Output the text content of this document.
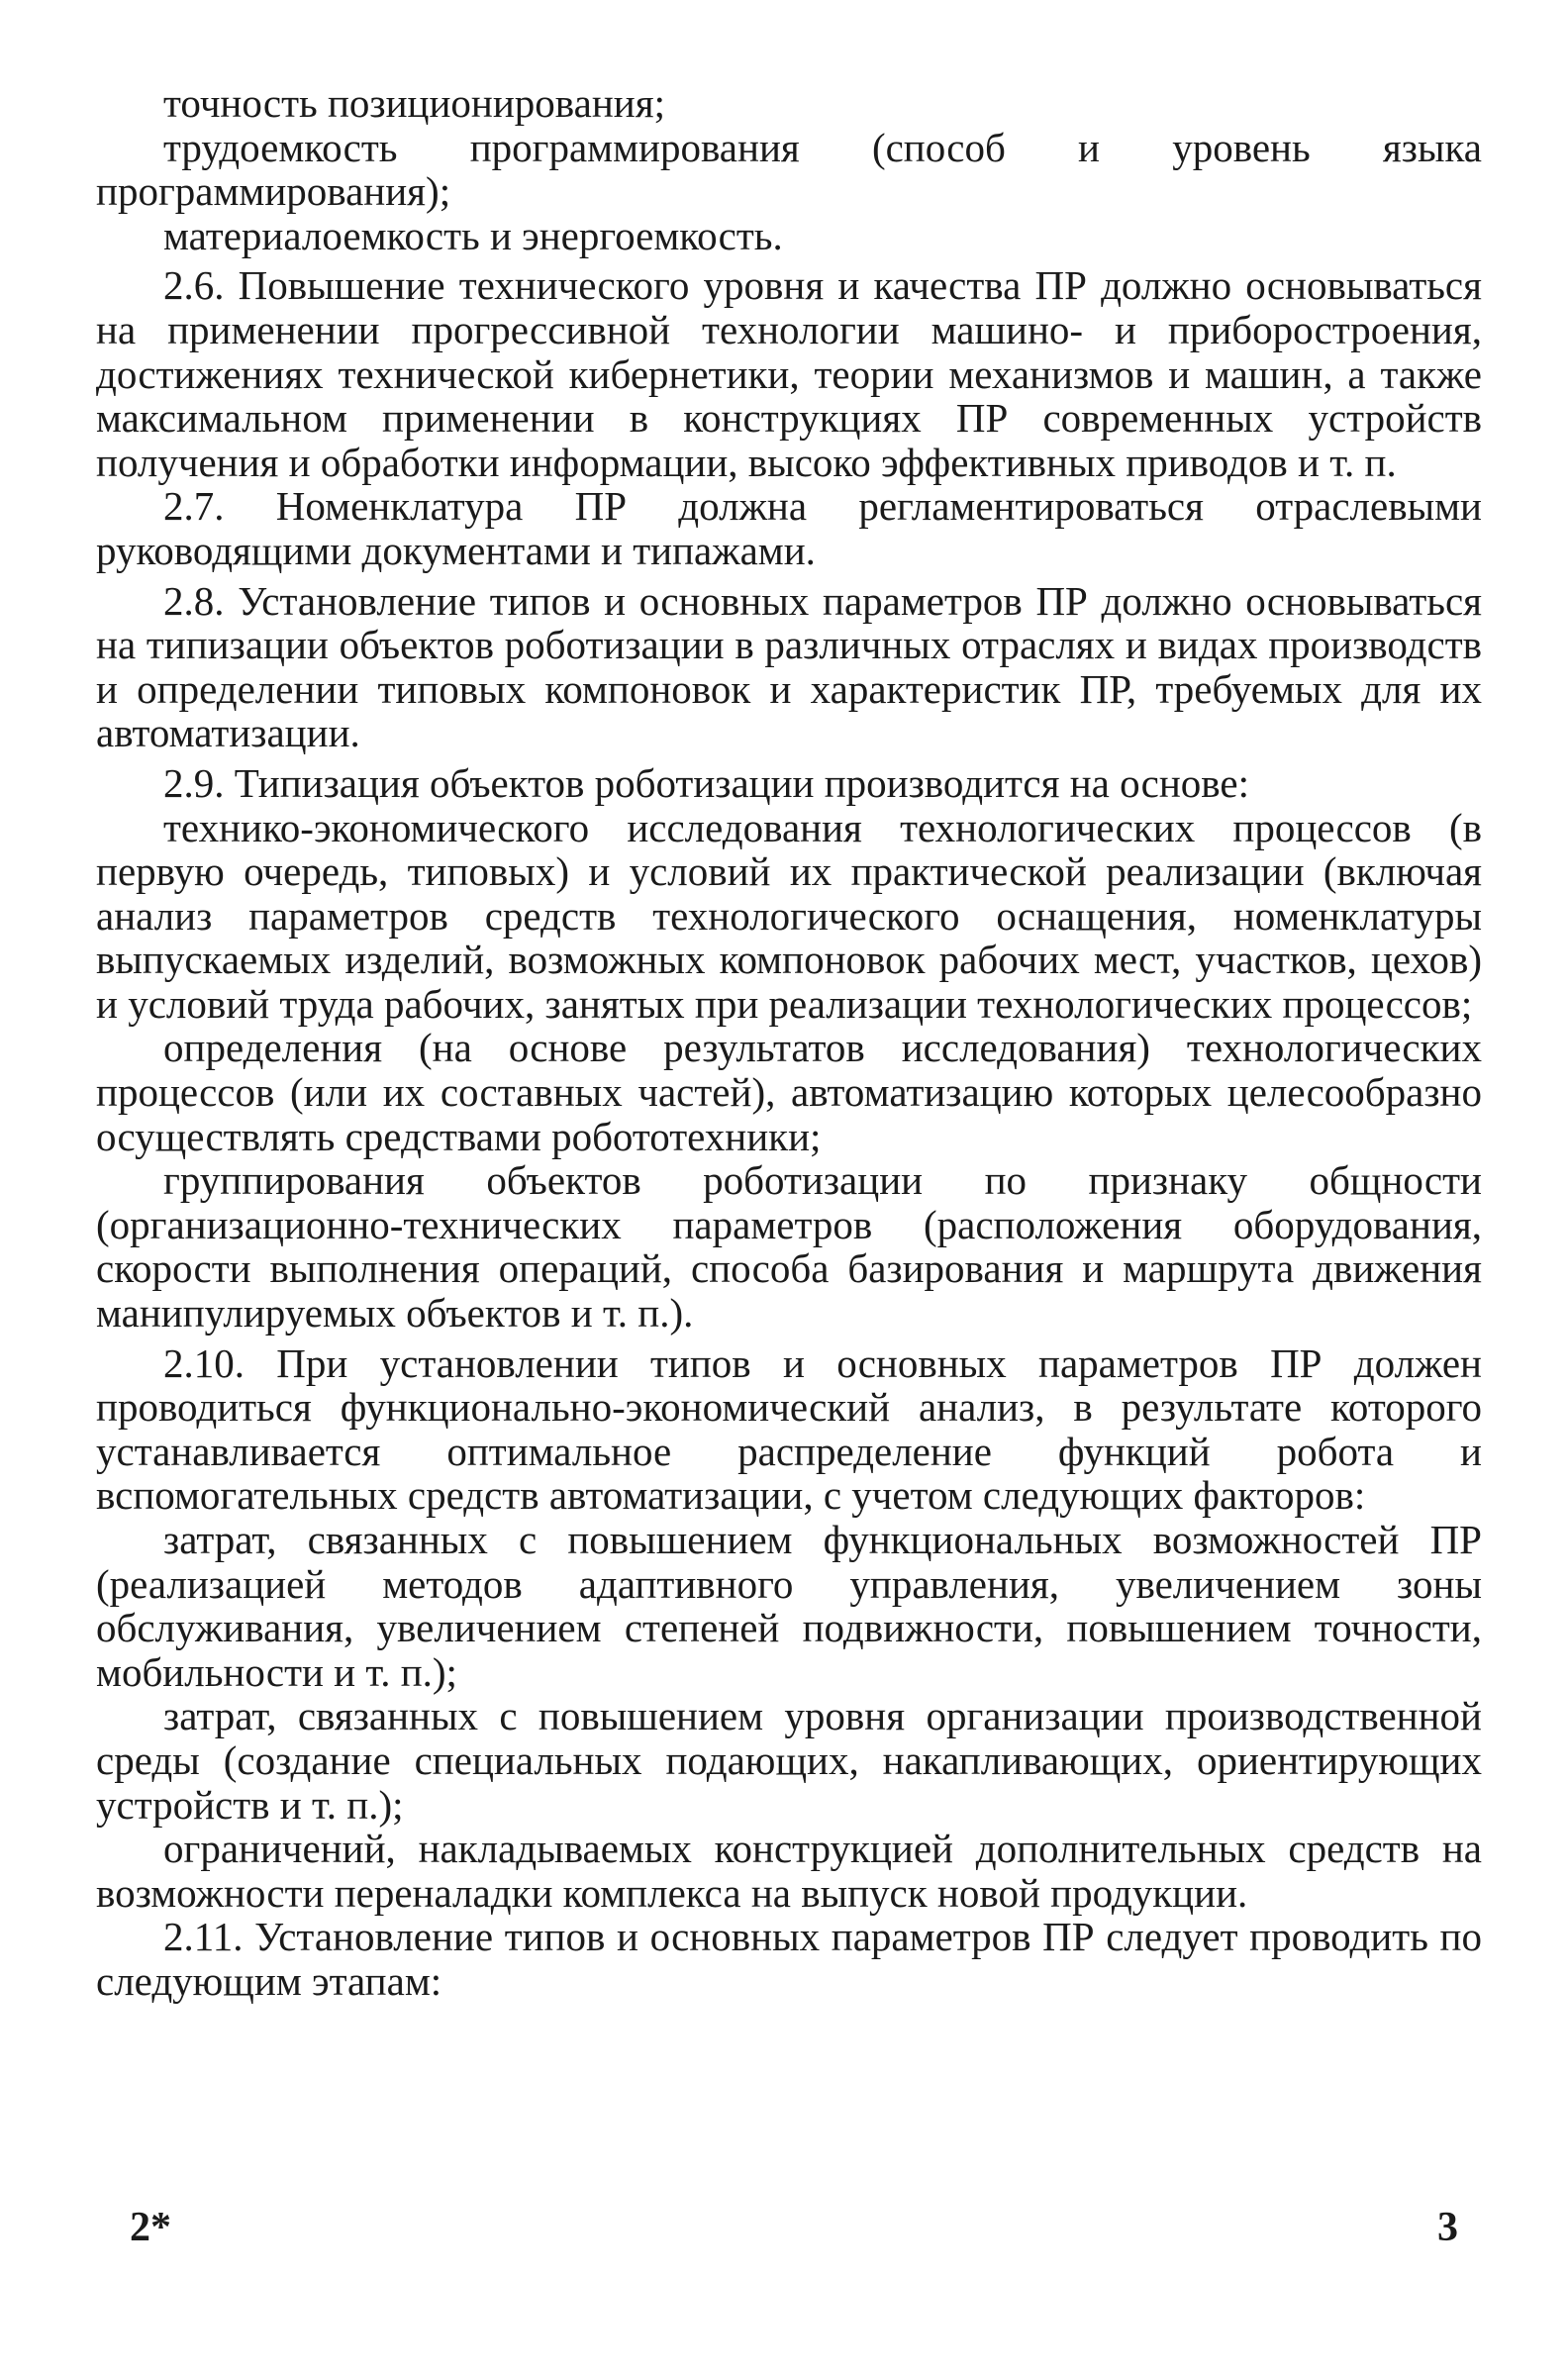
точность позиционирования;

трудоемкость программирования (способ и уровень языка программирования);

материалоемкость и энергоемкость.

2.6. Повышение технического уровня и качества ПР должно основываться на применении прогрессивной технологии машино- и приборостроения, достижениях технической кибернетики, теории механизмов и машин, а также максимальном применении в конструкциях ПР современных устройств получения и обработки информации, высоко эффективных приводов и т. п.

2.7. Номенклатура ПР должна регламентироваться отраслевыми руководящими документами и типажами.

2.8. Установление типов и основных параметров ПР должно основываться на типизации объектов роботизации в различных отраслях и видах производств и определении типовых компоновок и характеристик ПР, требуемых для их автоматизации.

2.9. Типизация объектов роботизации производится на основе:

технико-экономического исследования технологических процессов (в первую очередь, типовых) и условий их практической реализации (включая анализ параметров средств технологического оснащения, номенклатуры выпускаемых изделий, возможных компоновок рабочих мест, участков, цехов) и условий труда рабочих, занятых при реализации технологических процессов;

определения (на основе результатов исследования) технологических процессов (или их составных частей), автоматизацию которых целесообразно осуществлять средствами робототехники;

группирования объектов роботизации по признаку общности (организационно-технических параметров (расположения оборудования, скорости выполнения операций, способа базирования и маршрута движения манипулируемых объектов и т. п.).

2.10. При установлении типов и основных параметров ПР должен проводиться функционально-экономический анализ, в результате которого устанавливается оптимальное распределение функций робота и вспомогательных средств автоматизации, с учетом следующих факторов:

затрат, связанных с повышением функциональных возможностей ПР (реализацией методов адаптивного управления, увеличением зоны обслуживания, увеличением степеней подвижности, повышением точности, мобильности и т. п.);

затрат, связанных с повышением уровня организации производственной среды (создание специальных подающих, накапливающих, ориентирующих устройств и т. п.);

ограничений, накладываемых конструкцией дополнительных средств на возможности переналадки комплекса на выпуск новой продукции.

2.11. Установление типов и основных параметров ПР следует проводить по следующим этапам:

2*	3
